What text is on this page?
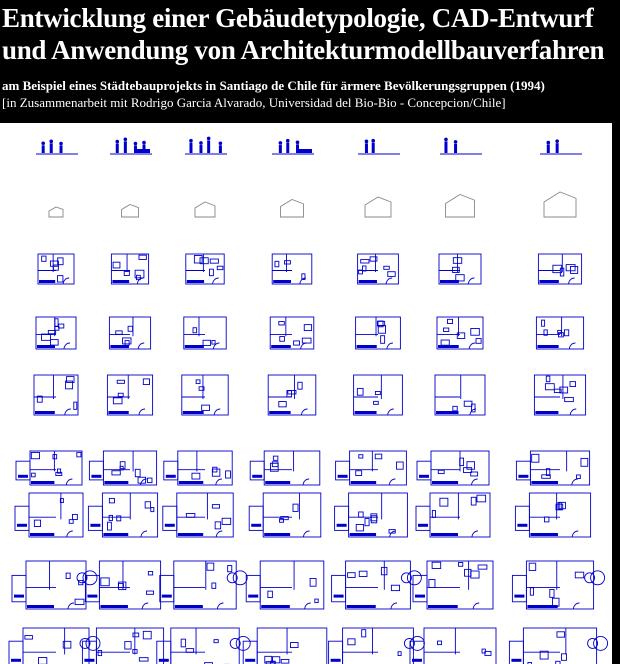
Entwicklung einer Gebäudetypologie, CAD-Entwurf
und Anwendung von Architekturmodellbauverfahren
am Beispiel eines Städtebauprojekts in Santiago de Chile für ärmere Bevölkerungsgruppen (1994)
[in Zusammenarbeit mit Rodrigo Garcia Alvarado, Universidad del Bio-Bio - Concepcion/Chile]
